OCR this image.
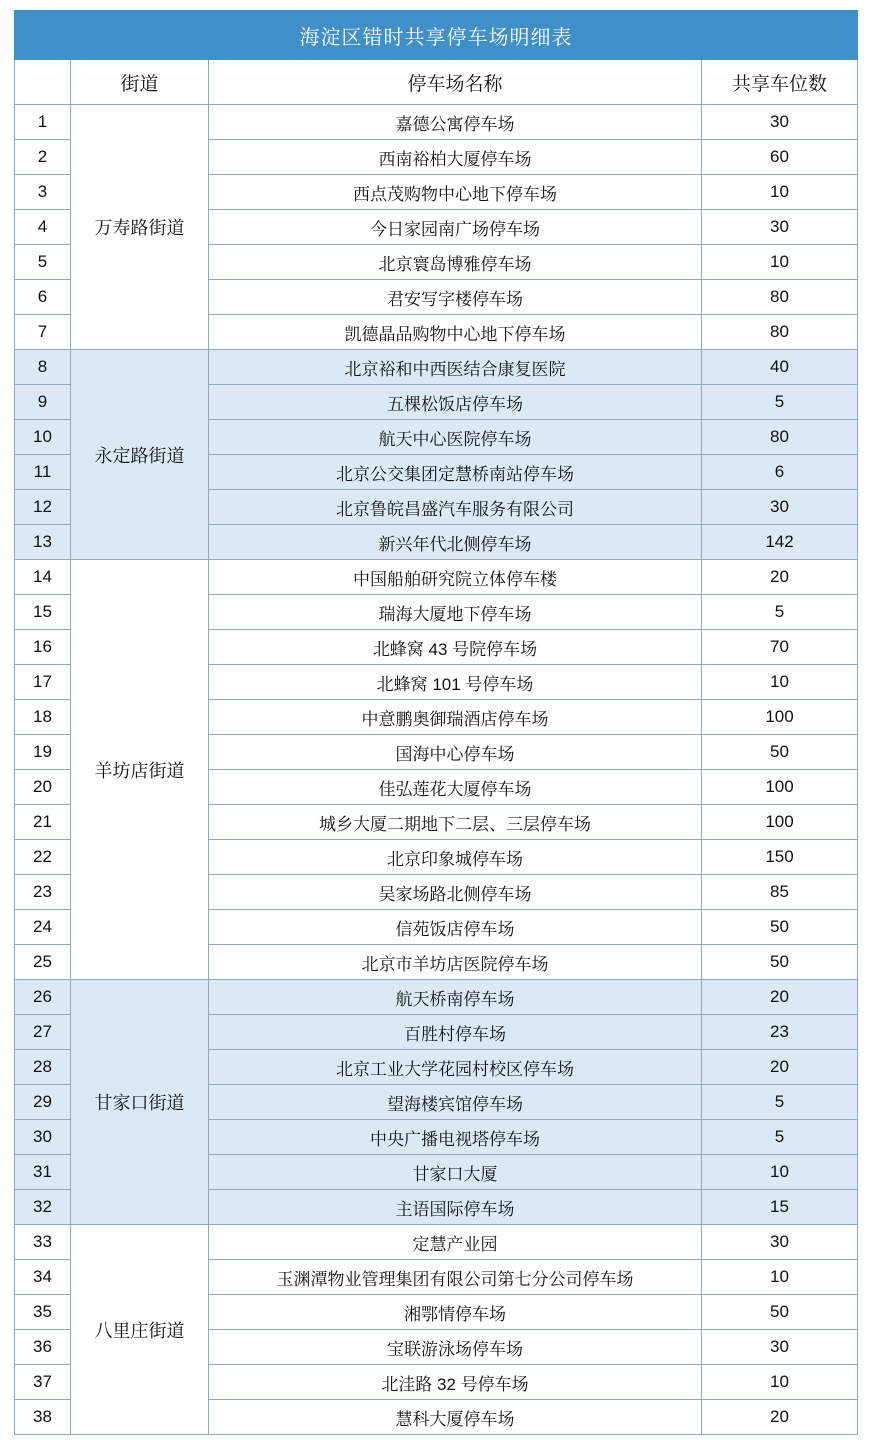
海淀区错时共享停车场明细表			
	街道	停车场名称	共享车位数
1	万寿路街道	嘉德公寓停车场	30
2		西南裕柏大厦停车场	60
3		西点茂购物中心地下停车场	10
4		今日家园南广场停车场	30
5		北京寰岛博雅停车场	10
6		君安写字楼停车场	80
7		凯德晶品购物中心地下停车场	80
8	永定路街道	北京裕和中西医结合康复医院	40
9		五棵松饭店停车场	5
10		航天中心医院停车场	80
11		北京公交集团定慧桥南站停车场	6
12		北京鲁皖昌盛汽车服务有限公司	30
13		新兴年代北侧停车场	142
14	羊坊店街道	中国船舶研究院立体停车楼	20
15		瑞海大厦地下停车场	5
16		北蜂窝 43 号院停车场	70
17		北蜂窝 101 号停车场	10
18		中意鹏奥御瑞酒店停车场	100
19		国海中心停车场	50
20		佳弘莲花大厦停车场	100
21		城乡大厦二期地下二层、三层停车场	100
22		北京印象城停车场	150
23		吴家场路北侧停车场	85
24		信苑饭店停车场	50
25		北京市羊坊店医院停车场	50
26	甘家口街道	航天桥南停车场	20
27		百胜村停车场	23
28		北京工业大学花园村校区停车场	20
29		望海楼宾馆停车场	5
30		中央广播电视塔停车场	5
31		甘家口大厦	10
32		主语国际停车场	15
33	八里庄街道	定慧产业园	30
34		玉渊潭物业管理集团有限公司第七分公司停车场	10
35		湘鄂情停车场	50
36		宝联游泳场停车场	30
37		北洼路 32 号停车场	10
38		慧科大厦停车场	20
